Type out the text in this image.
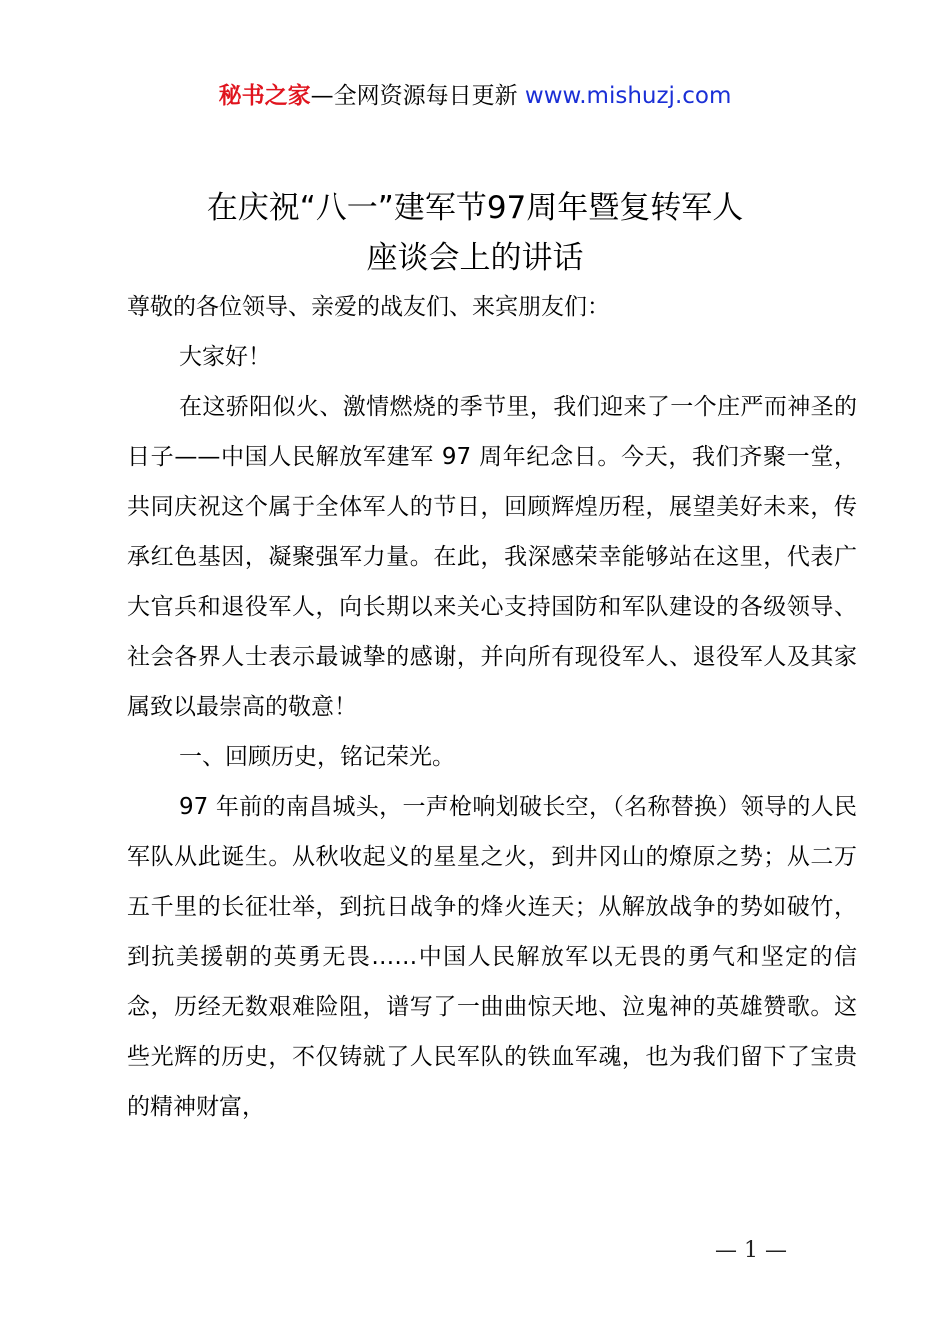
秘书之家—全网资源每日更新 www.mishuzj.com
在庆祝“八一”建军节97周年暨复转军人
座谈会上的讲话

尊敬的各位领导、亲爱的战友们、来宾朋友们：

大家好！

在这骄阳似火、激情燃烧的季节里，我们迎来了一个庄严而神圣的日子——中国人民解放军建军 97 周年纪念日。今天，我们齐聚一堂，共同庆祝这个属于全体军人的节日，回顾辉煌历程，展望美好未来，传承红色基因，凝聚强军力量。在此，我深感荣幸能够站在这里，代表广大官兵和退役军人，向长期以来关心支持国防和军队建设的各级领导、社会各界人士表示最诚挚的感谢，并向所有现役军人、退役军人及其家属致以最崇高的敬意！

一、回顾历史，铭记荣光。

97 年前的南昌城头，一声枪响划破长空，（名称替换）领导的人民军队从此诞生。从秋收起义的星星之火，到井冈山的燎原之势；从二万五千里的长征壮举，到抗日战争的烽火连天；从解放战争的势如破竹，到抗美援朝的英勇无畏……中国人民解放军以无畏的勇气和坚定的信念，历经无数艰难险阻，谱写了一曲曲惊天地、泣鬼神的英雄赞歌。这些光辉的历史，不仅铸就了人民军队的铁血军魂，也为我们留下了宝贵的精神财富，

— 1 —
